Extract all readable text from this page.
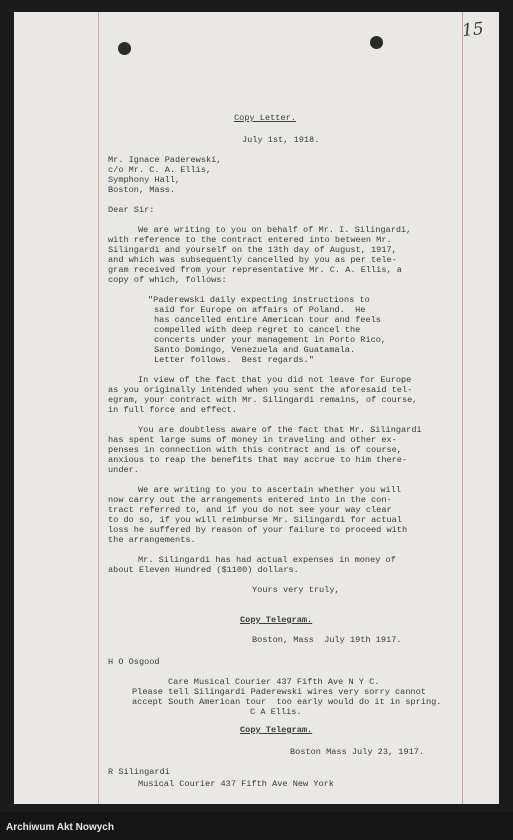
15

Copy Letter.

July 1st, 1918.

Mr. Ignace Paderewski,

c/o Mr. C. A. Ellis,

Symphony Hall,

Boston, Mass.

Dear Sir:

We are writing to you on behalf of Mr. I. Silingardi,

with reference to the contract entered into between Mr.

Silingardi and yourself on the 13th day of August, 1917,

and which was subsequently cancelled by you as per tele-

gram received from your representative Mr. C. A. Ellis, a

copy of which, follows:

"Paderewski daily expecting instructions to

said for Europe on affairs of Poland.  He

has cancelled entire American tour and feels

compelled with deep regret to cancel the

concerts under your management in Porto Rico,

Santo Domingo, Venezuela and Guatamala.

Letter follows.  Best regards."

In view of the fact that you did not leave for Europe

as you originally intended when you sent the aforesaid tel-

egram, your contract with Mr. Silingardi remains, of course,

in full force and effect.

You are doubtless aware of the fact that Mr. Silingardi

has spent large sums of money in traveling and other ex-

penses in connection with this contract and is of course,

anxious to reap the benefits that may accrue to him there-

under.

We are writing to you to ascertain whether you will

now carry out the arrangements entered into in the con-

tract referred to, and if you do not see your way clear

to do so, if you will reimburse Mr. Silingardi for actual

loss he suffered by reason of your failure to proceed with

the arrangements.

Mr. Silingardi has had actual expenses in money of

about Eleven Hundred ($1100) dollars.

Yours very truly,

Copy Telegram.

Boston, Mass  July 19th 1917.

H O Osgood

Care Musical Courier 437 Fifth Ave N Y C.

Please tell Silingardi Paderewski wires very sorry cannot

accept South American tour  too early would do it in spring.

C A Ellis.

Copy Telegram.

Boston Mass July 23, 1917.

R Silingardi

Musical Courier 437 Fifth Ave New York

Archiwum Akt Nowych
